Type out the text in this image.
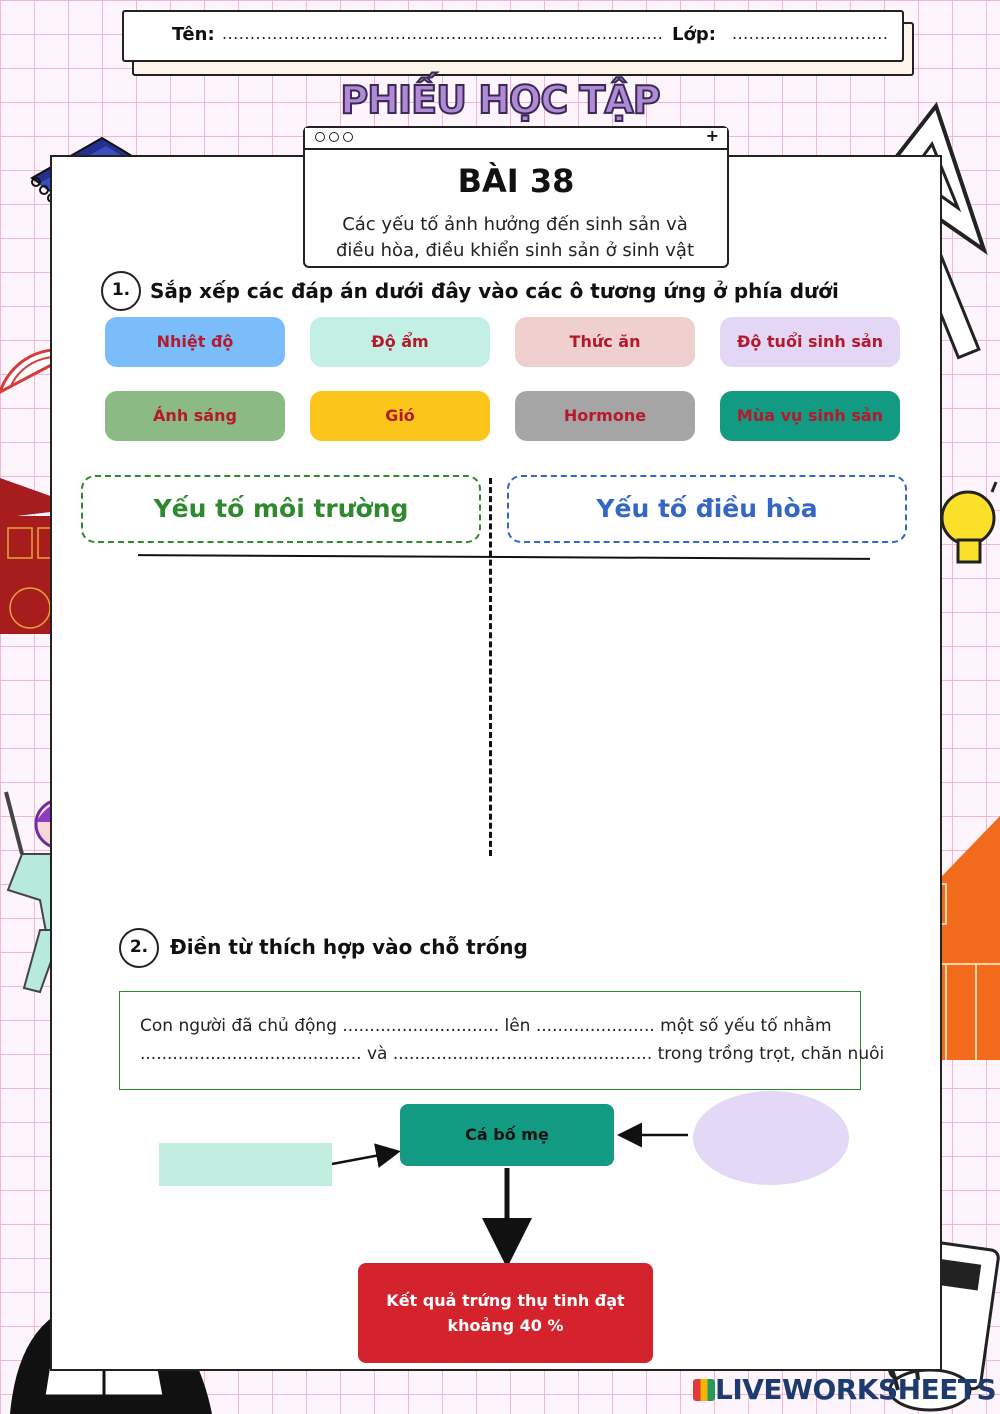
Tên: ............................................................................... Lớp: ............................
PHIẾU HỌC TẬP
+
BÀI 38
Các yếu tố ảnh hưởng đến sinh sản và
điều hòa, điều khiển sinh sản ở sinh vật
1. Sắp xếp các đáp án dưới đây vào các ô tương ứng ở phía dưới
Nhiệt độ	Độ ẩm	Thức ăn	Độ tuổi sinh sản
Ánh sáng	Gió	Hormone	Mùa vụ sinh sản
Yếu tố môi trường	Yếu tố điều hòa
2.	Điền từ thích hợp vào chỗ trống
Con người đã chủ động ............................. lên ...................... một số yếu tố nhằm
......................................... và ................................................ trong trồng trọt, chăn nuôi
Cá bố mẹ
Kết quả trứng thụ tinh đạt
khoảng 40 %
LIVEWORKSHEETS
